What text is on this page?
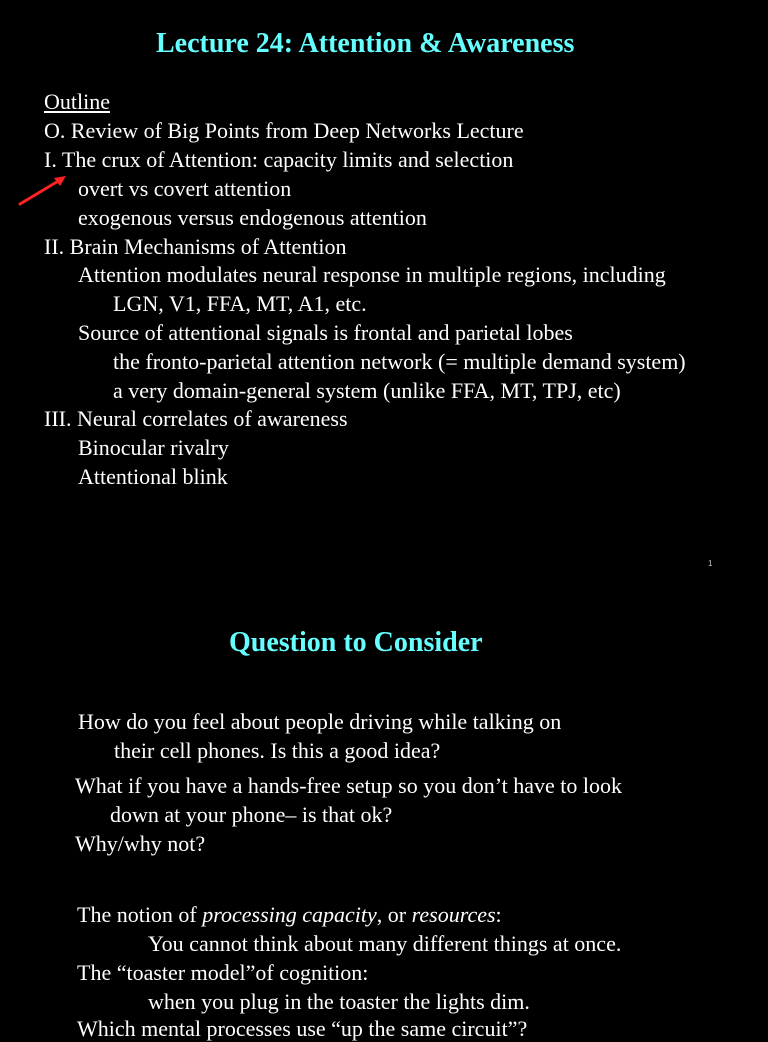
Lecture 24: Attention & Awareness
Outline
O. Review of Big Points from Deep Networks Lecture
I. The crux of Attention: capacity limits and selection
overt vs covert attention
exogenous versus endogenous attention
II. Brain Mechanisms of Attention
Attention modulates neural response in multiple regions, including
LGN, V1, FFA, MT, A1, etc.
Source of attentional signals is frontal and parietal lobes
the fronto-parietal attention network (= multiple demand system)
a very domain-general system (unlike FFA, MT, TPJ, etc)
III. Neural correlates of awareness
Binocular rivalry
Attentional blink
1
Question to Consider
How do you feel about people driving while talking on
their cell phones. Is this a good idea?
What if you have a hands-free setup so you don’t have to look
down at your phone– is that ok?
Why/why not?
The notion of processing capacity, or resources:
You cannot think about many different things at once.
The “toaster model”of cognition:
when you plug in the toaster the lights dim.
Which mental processes use “up the same circuit”?
